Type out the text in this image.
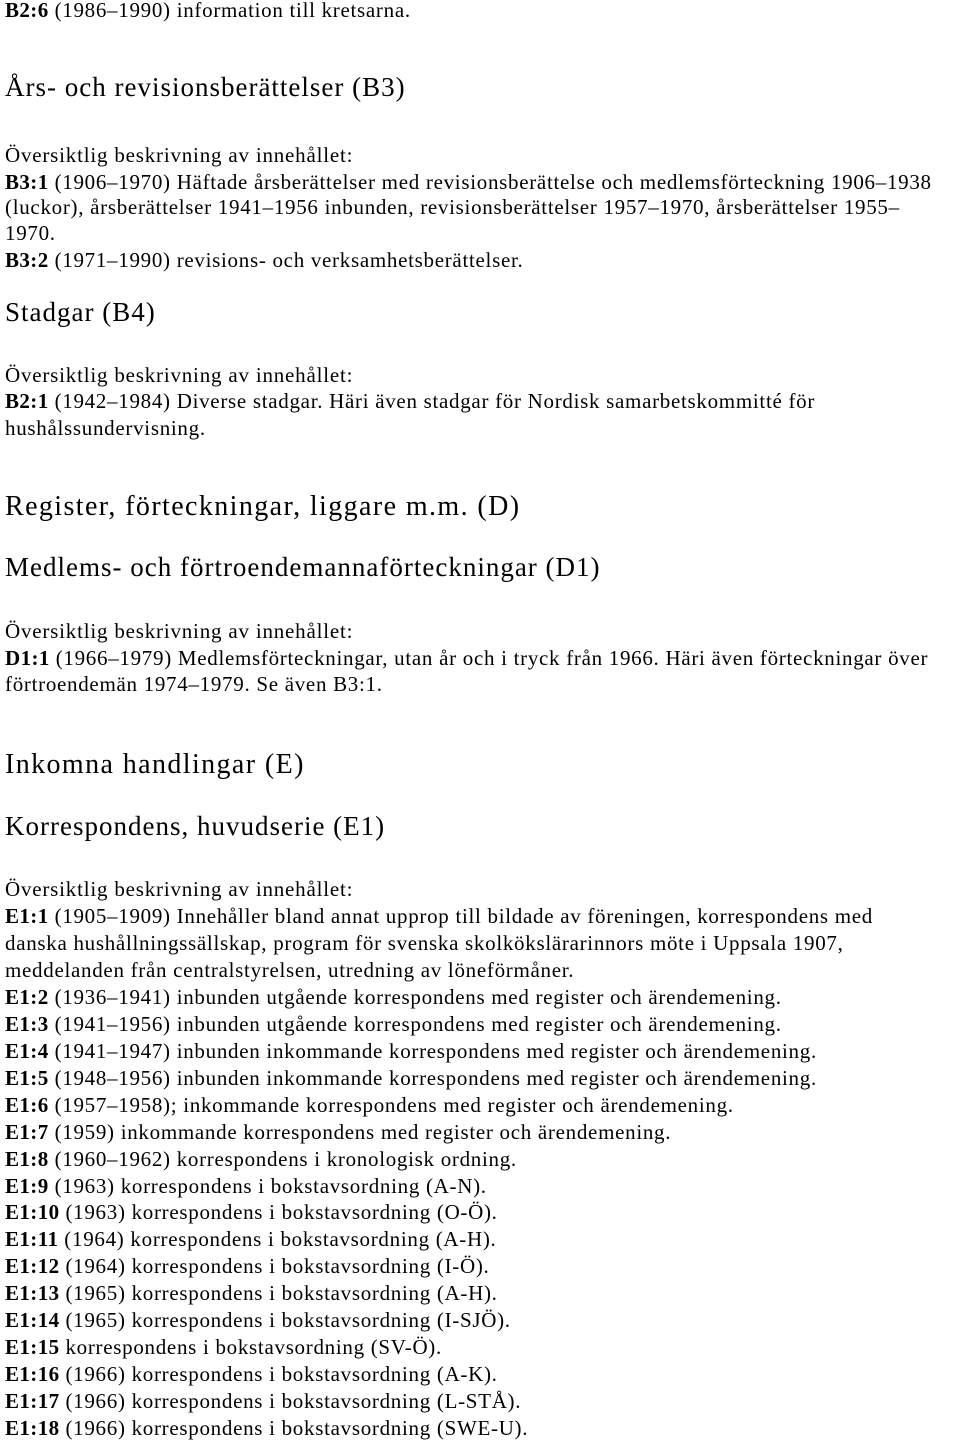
B2:6 (1986–1990) information till kretsarna.
Års- och revisionsberättelser (B3)
Översiktlig beskrivning av innehållet:
B3:1 (1906–1970) Häftade årsberättelser med revisionsberättelse och medlemsförteckning 1906–1938
(luckor), årsberättelser 1941–1956 inbunden, revisionsberättelser 1957–1970, årsberättelser 1955–
1970.
B3:2 (1971–1990) revisions- och verksamhetsberättelser.
Stadgar (B4)
Översiktlig beskrivning av innehållet:
B2:1 (1942–1984) Diverse stadgar. Häri även stadgar för Nordisk samarbetskommitté för
hushålssundervisning.
Register, förteckningar, liggare m.m. (D)
Medlems- och förtroendemannaförteckningar (D1)
Översiktlig beskrivning av innehållet:
D1:1 (1966–1979) Medlemsförteckningar, utan år och i tryck från 1966. Häri även förteckningar över
förtroendemän 1974–1979. Se även B3:1.
Inkomna handlingar (E)
Korrespondens, huvudserie (E1)
Översiktlig beskrivning av innehållet:
E1:1 (1905–1909) Innehåller bland annat upprop till bildade av föreningen, korrespondens med
danska hushållningssällskap, program för svenska skolkökslärarinnors möte i Uppsala 1907,
meddelanden från centralstyrelsen, utredning av löneförmåner.
E1:2 (1936–1941) inbunden utgående korrespondens med register och ärendemening.
E1:3 (1941–1956) inbunden utgående korrespondens med register och ärendemening.
E1:4 (1941–1947) inbunden inkommande korrespondens med register och ärendemening.
E1:5 (1948–1956) inbunden inkommande korrespondens med register och ärendemening.
E1:6 (1957–1958); inkommande korrespondens med register och ärendemening.
E1:7 (1959) inkommande korrespondens med register och ärendemening.
E1:8 (1960–1962) korrespondens i kronologisk ordning.
E1:9 (1963) korrespondens i bokstavsordning (A-N).
E1:10 (1963) korrespondens i bokstavsordning (O-Ö).
E1:11 (1964) korrespondens i bokstavsordning (A-H).
E1:12 (1964) korrespondens i bokstavsordning (I-Ö).
E1:13 (1965) korrespondens i bokstavsordning (A-H).
E1:14 (1965) korrespondens i bokstavsordning (I-SJÖ).
E1:15 korrespondens i bokstavsordning (SV-Ö).
E1:16 (1966) korrespondens i bokstavsordning (A-K).
E1:17 (1966) korrespondens i bokstavsordning (L-STÅ).
E1:18 (1966) korrespondens i bokstavsordning (SWE-U).
